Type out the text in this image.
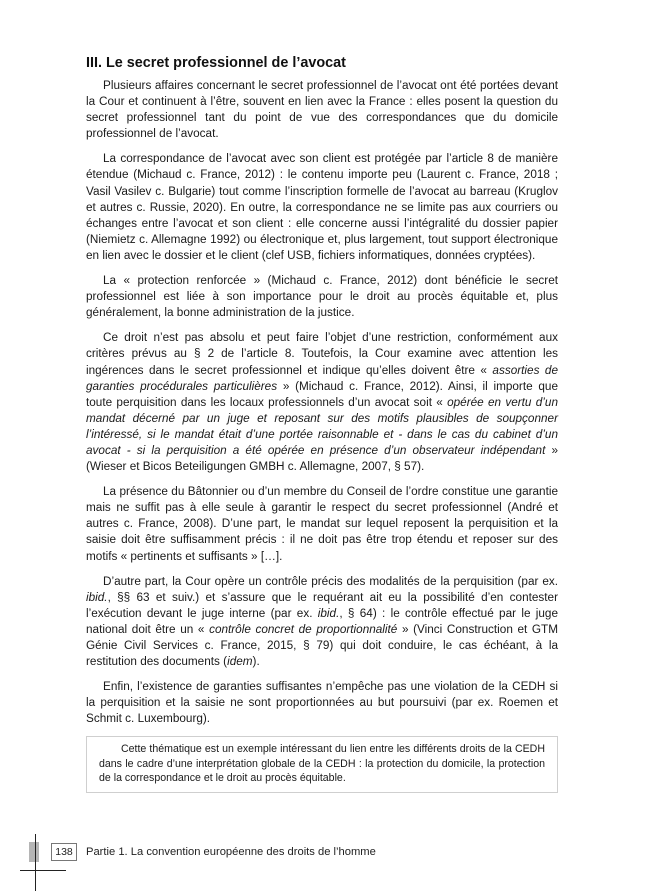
III. Le secret professionnel de l’avocat

Plusieurs affaires concernant le secret professionnel de l’avocat ont été portées devant la Cour et continuent à l’être, souvent en lien avec la France : elles posent la question du secret professionnel tant du point de vue des correspondances que du domicile professionnel de l’avocat.

La correspondance de l’avocat avec son client est protégée par l’article 8 de manière étendue (Michaud c. France, 2012) : le contenu importe peu (Laurent c. France, 2018 ; Vasil Vasilev c. Bulgarie) tout comme l’inscription formelle de l’avocat au barreau (Kruglov et autres c. Russie, 2020). En outre, la correspondance ne se limite pas aux courriers ou échanges entre l’avocat et son client : elle concerne aussi l’intégralité du dossier papier (Niemietz c. Allemagne 1992) ou électronique et, plus largement, tout support électronique en lien avec le dossier et le client (clef USB, fichiers informatiques, données cryptées).

La « protection renforcée » (Michaud c. France, 2012) dont bénéficie le secret professionnel est liée à son importance pour le droit au procès équitable et, plus généralement, la bonne administration de la justice.

Ce droit n’est pas absolu et peut faire l’objet d’une restriction, conformément aux critères prévus au § 2 de l’article 8. Toutefois, la Cour examine avec attention les ingérences dans le secret professionnel et indique qu’elles doivent être « assorties de garanties procédurales particulières » (Michaud c. France, 2012). Ainsi, il importe que toute perquisition dans les locaux professionnels d’un avocat soit « opérée en vertu d’un mandat décerné par un juge et reposant sur des motifs plausibles de soupçonner l’intéressé, si le mandat était d’une portée raisonnable et - dans le cas du cabinet d’un avocat - si la perquisition a été opérée en présence d’un observateur indépendant » (Wieser et Bicos Beteiligungen GMBH c. Allemagne, 2007, § 57).

La présence du Bâtonnier ou d’un membre du Conseil de l’ordre constitue une garantie mais ne suffit pas à elle seule à garantir le respect du secret professionnel (André et autres c. France, 2008). D’une part, le mandat sur lequel reposent la perquisition et la saisie doit être suffisamment précis : il ne doit pas être trop étendu et reposer sur des motifs « pertinents et suffisants » […].

D’autre part, la Cour opère un contrôle précis des modalités de la perquisition (par ex. ibid., §§ 63 et suiv.) et s’assure que le requérant ait eu la possibilité d’en contester l’exécution devant le juge interne (par ex. ibid., § 64) : le contrôle effectué par le juge national doit être un « contrôle concret de proportionnalité » (Vinci Construction et GTM Génie Civil Services c. France, 2015, § 79) qui doit conduire, le cas échéant, à la restitution des documents (idem).

Enfin, l’existence de garanties suffisantes n’empêche pas une violation de la CEDH si la perquisition et la saisie ne sont proportionnées au but poursuivi (par ex. Roemen et Schmit c. Luxembourg).

Cette thématique est un exemple intéressant du lien entre les différents droits de la CEDH dans le cadre d’une interprétation globale de la CEDH : la protection du domicile, la protection de la correspondance et le droit au procès équitable.

138	Partie 1. La convention européenne des droits de l’homme
